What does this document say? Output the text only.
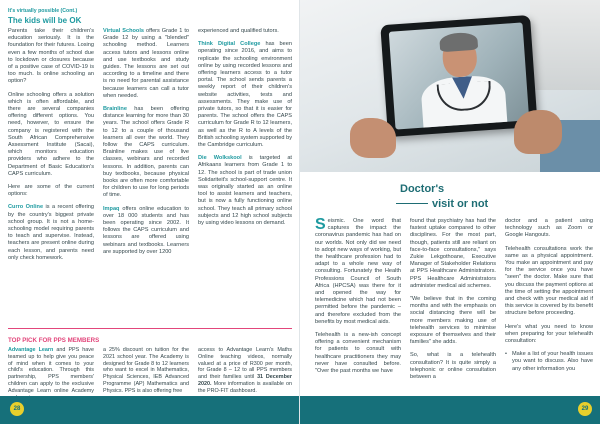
It's virtually possible (Cont.)
The kids will be OK

Parents take their children's education seriously. It is the foundation for their futures. Losing even a few months of school due to lockdown or closures because of a positive case of COVID-19 is too much. Is online schooling an option?

Online schooling offers a solution which is often affordable, and there are several companies offering different options. You need, however, to ensure the company is registered with the South African Comprehensive Assessment Institute (Sacai), which monitors education providers who adhere to the Department of Basic Education's CAPS curriculum.

Here are some of the current options:

Curro Online is a recent offering by the country's biggest private school group. It is not a home-schooling model requiring parents to teach and supervise. Instead, teachers are present online during each lesson, and parents need only check homework.

Virtual Schools offers Grade 1 to Grade 12 by using a "blended" schooling method. Learners access tutors and lessons online and use textbooks and study guides. The lessons are set out according to a timeline and there is no need for parental assistance because learners can call a tutor when needed.

Brainline has been offering distance learning for more than 30 years. The school offers Grade R to 12 to a couple of thousand learners all over the world. They follow the CAPS curriculum. Brainline makes use of live classes, webinars and recorded lessons. In addition, parents can buy textbooks, because physical books are often more comfortable for children to use for long periods of time.

Impaq offers online education to over 18 000 students and has been operating since 2002. It follows the CAPS curriculum and lessons are offered using webinars and textbooks. Learners are supported by over 1200

experienced and qualified tutors.

Think Digital College has been operating since 2016, and aims to replicate the schooling environment online by using recorded lessons and offering learners access to a tutor portal. The school sends parents a weekly report of their children's website activities, tests and assessments. They make use of private tutors, so that it is easier for parents. The school offers the CAPS curriculum for Grade R to 12 learners, as well as the R to A levels of the British schooling system supported by the Cambridge curriculum.

Die Wolkskool is targeted at Afrikaans learners from Grade 1 to 12. The school is part of trade union Solidariteit's school-support centre. It was originally started as an online tool to assist learners and teachers, but is now a fully functioning online school. They teach all primary school subjects and 12 high school subjects by using video lessons on demand.

TOP PICK FOR PPS MEMBERS
Advantage Learn and PPS have teamed up to help give you peace of mind when it comes to your child's education. Through this partnership, PPS members' children can apply to the exclusive Advantage Learn online Academy
a 25% discount on tuition for the 2021 school year. The Academy is designed for Grade 8 to 12 learners who want to excel in Mathematics, Physical Sciences, IEB Advanced Programme (AP) Mathematics and Physics. PPS is also offering free
access to Advantage Learn's Maths Online teaching videos, normally valued at a price of R300 per month, for Grade 8 – 12 to all PPS members and their families until 31 December 2020. More information is available on the PRO-FIT dashboard.
28
Doctor's
visit or not

Seismic. One word that captures the impact the coronavirus pandemic has had on our worlds. Not only did we need to adopt new ways of working, but the healthcare profession had to adapt to a whole new way of consulting. Fortunately the Health Professions Council of South Africa (HPCSA) was there for it and opened the way for telemedicine which had not been permitted before the pandemic – and therefore excluded from the benefits by most medical aids.

Telehealth is a new-ish concept offering a convenient mechanism for patients to consult with healthcare practitioners they may never have consulted before. "Over the past months we have

found that psychiatry has had the fastest uptake compared to other disciplines. For the most part, though, patients still are reliant on face-to-face consultations," says Zukie Lekgothoane, Executive Manager of Stakeholder Relations at PPS Healthcare Administrators. PPS Healthcare Administrators administer medical aid schemes.

"We believe that in the coming months and with the emphasis on social distancing there will be more members making use of telehealth services to minimise exposure of themselves and their families" she adds.

So, what is a telehealth consultation? It is quite simply a telephonic or online consultation between a

doctor and a patient using technology such as Zoom or Google Hangouts.

Telehealth consultations work the same as a physical appointment. You make an appointment and pay for the service once you have "seen" the doctor. Make sure that you discuss the payment options at the time of setting the appointment and check with your medical aid if this service is covered by its benefit structure before proceeding.

Here's what you need to know when preparing for your telehealth consultation:

• Make a list of your health issues you want to discuss. Also have any other information you

29
